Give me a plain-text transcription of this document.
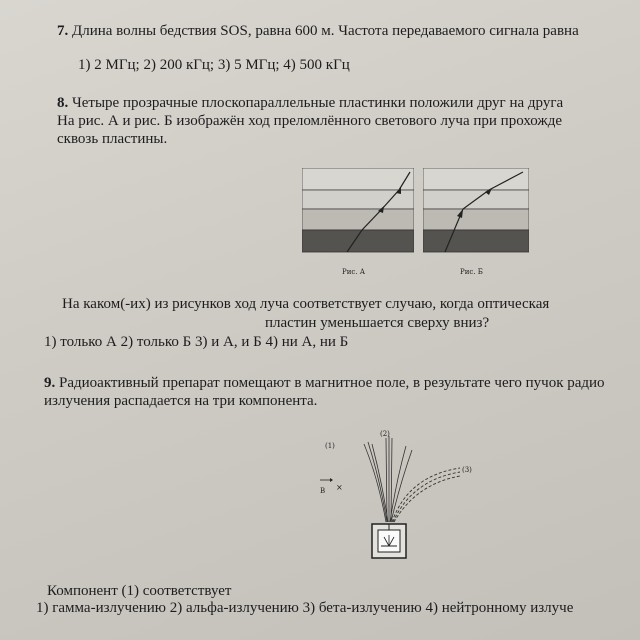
7. Длина волны бедствия SOS, равна 600 м. Частота передаваемого сигнала равна
1) 2 МГц; 2) 200 кГц; 3) 5 МГц; 4) 500 кГц
8. Четыре прозрачные плоскопараллельные пластинки положили друг на друга
На рис. А и рис. Б изображён ход преломлённого светового луча при прохожде
сквозь пластины.
Рис. А	Рис. Б
На каком(-их) из рисунков ход луча соответствует случаю, когда оптическая
пластин уменьшается сверху вниз?
1) только А 2) только Б 3) и А, и Б 4) ни А, ни Б
9. Радиоактивный препарат помещают в магнитное поле, в результате чего пучок радио
излучения распадается на три компонента.
×
(1)
(2)
(3)
B
Компонент (1) соответствует
1) гамма-излучению 2) альфа-излучению 3) бета-излучению 4) нейтронному излуче
